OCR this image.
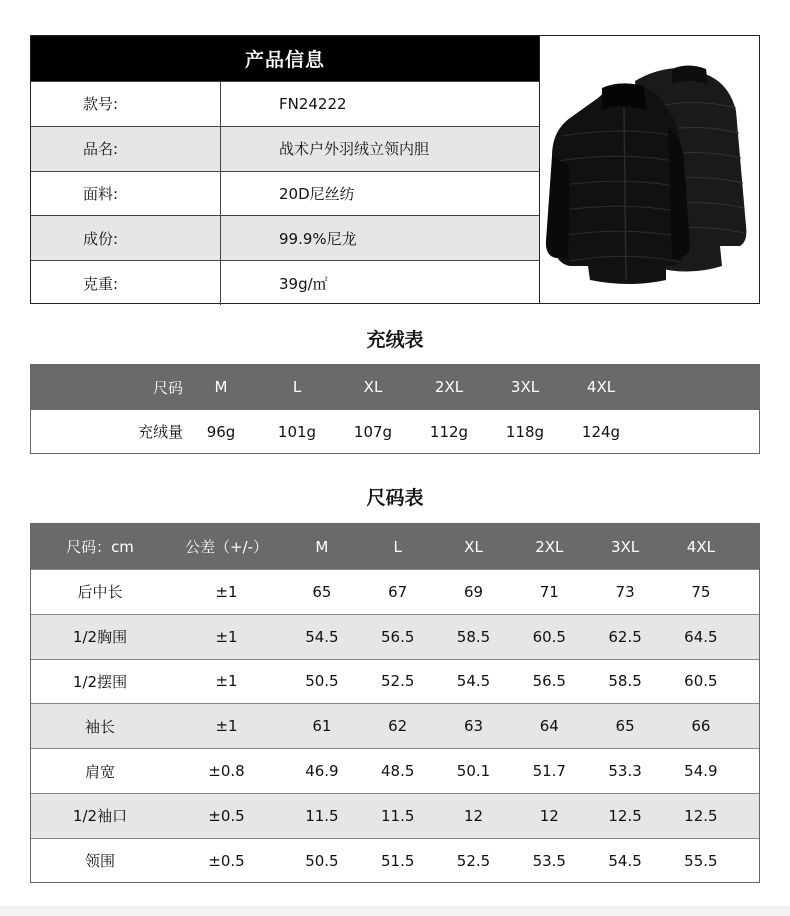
产品信息
款号:	FN24222
品名:	战术户外羽绒立领内胆
面料:	20D尼丝纺
成份:	99.9%尼龙
克重:	39g/㎡
充绒表
尺码	M	L	XL	2XL	3XL	4XL
充绒量	96g	101g	107g	112g	118g	124g
尺码表
尺码：cm	公差（+/-）	M	L	XL	2XL	3XL	4XL
后中长	±1	65	67	69	71	73	75
1/2胸围	±1	54.5	56.5	58.5	60.5	62.5	64.5
1/2摆围	±1	50.5	52.5	54.5	56.5	58.5	60.5
袖长	±1	61	62	63	64	65	66
肩宽	±0.8	46.9	48.5	50.1	51.7	53.3	54.9
1/2袖口	±0.5	11.5	11.5	12	12	12.5	12.5
领围	±0.5	50.5	51.5	52.5	53.5	54.5	55.5
